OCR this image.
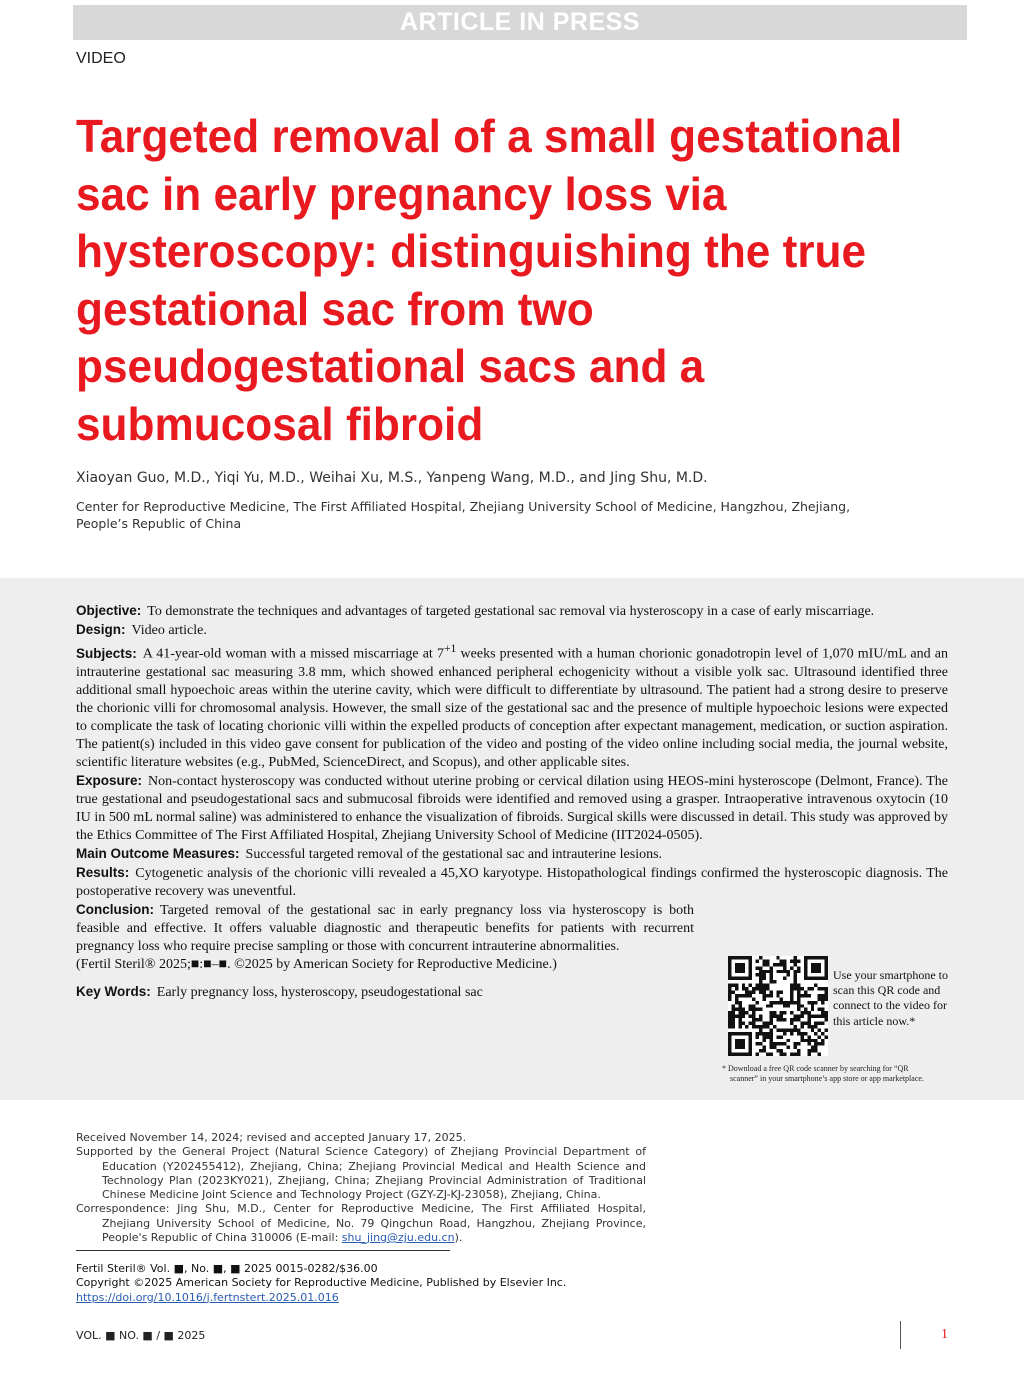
ARTICLE IN PRESS
VIDEO
Targeted removal of a small gestational sac in early pregnancy loss via hysteroscopy: distinguishing the true gestational sac from two pseudogestational sacs and a submucosal fibroid
Xiaoyan Guo, M.D., Yiqi Yu, M.D., Weihai Xu, M.S., Yanpeng Wang, M.D., and Jing Shu, M.D.
Center for Reproductive Medicine, The First Affiliated Hospital, Zhejiang University School of Medicine, Hangzhou, Zhejiang, People’s Republic of China

Objective: To demonstrate the techniques and advantages of targeted gestational sac removal via hysteroscopy in a case of early miscarriage.

Design: Video article.

Subjects: A 41-year-old woman with a missed miscarriage at $7^{+1}$ weeks presented with a human chorionic gonadotropin level of 1,070 mIU/mL and an intrauterine gestational sac measuring 3.8 mm, which showed enhanced peripheral echogenicity without a visible yolk sac. Ultrasound identified three additional small hypoechoic areas within the uterine cavity, which were difficult to differentiate by ultrasound. The patient had a strong desire to preserve the chorionic villi for chromosomal analysis. However, the small size of the gestational sac and the presence of multiple hypoechoic lesions were expected to complicate the task of locating chorionic villi within the expelled products of conception after expectant management, medication, or suction aspiration. The patient(s) included in this video gave consent for publication of the video and posting of the video online including social media, the journal website, scientific literature websites (e.g., PubMed, ScienceDirect, and Scopus), and other applicable sites.

Exposure: Non-contact hysteroscopy was conducted without uterine probing or cervical dilation using HEOS-mini hysteroscope (Delmont, France). The true gestational and pseudogestational sacs and submucosal fibroids were identified and removed using a grasper. Intraoperative intravenous oxytocin (10 IU in 500 mL normal saline) was administered to enhance the visualization of fibroids. Surgical skills were discussed in detail. This study was approved by the Ethics Committee of The First Affiliated Hospital, Zhejiang University School of Medicine (IIT2024-0505).

Main Outcome Measures: Successful targeted removal of the gestational sac and intrauterine lesions.

Results: Cytogenetic analysis of the chorionic villi revealed a 45,XO karyotype. Histopathological findings confirmed the hysteroscopic diagnosis. The postoperative recovery was uneventful.

Conclusion: Targeted removal of the gestational sac in early pregnancy loss via hysteroscopy is both feasible and effective. It offers valuable diagnostic and therapeutic benefits for patients with recurrent pregnancy loss who require precise sampling or those with concurrent intrauterine abnormalities.

(Fertil Steril® 2025;■:■–■. ©2025 by American Society for Reproductive Medicine.)

Key Words: Early pregnancy loss, hysteroscopy, pseudogestational sac

Use your smartphone to scan this QR code and connect to the video for this article now.*
* Download a free QR code scanner by searching for “QR
scanner” in your smartphone’s app store or app marketplace.

Received November 14, 2024; revised and accepted January 17, 2025.

Supported by the General Project (Natural Science Category) of Zhejiang Provincial Department of Education (Y202455412), Zhejiang, China; Zhejiang Provincial Medical and Health Science and Technology Plan (2023KY021), Zhejiang, China; Zhejiang Provincial Administration of Traditional Chinese Medicine Joint Science and Technology Project (GZY-ZJ-KJ-23058), Zhejiang, China.

Correspondence: Jing Shu, M.D., Center for Reproductive Medicine, The First Affiliated Hospital, Zhejiang University School of Medicine, No. 79 Qingchun Road, Hangzhou, Zhejiang Province, People's Republic of China 310006 (E-mail: shu_jing@zju.edu.cn).

Fertil Steril® Vol. ■, No. ■, ■ 2025 0015-0282/$36.00

Copyright ©2025 American Society for Reproductive Medicine, Published by Elsevier Inc.

https://doi.org/10.1016/j.fertnstert.2025.01.016

VOL. ■ NO. ■ / ■ 2025	1
